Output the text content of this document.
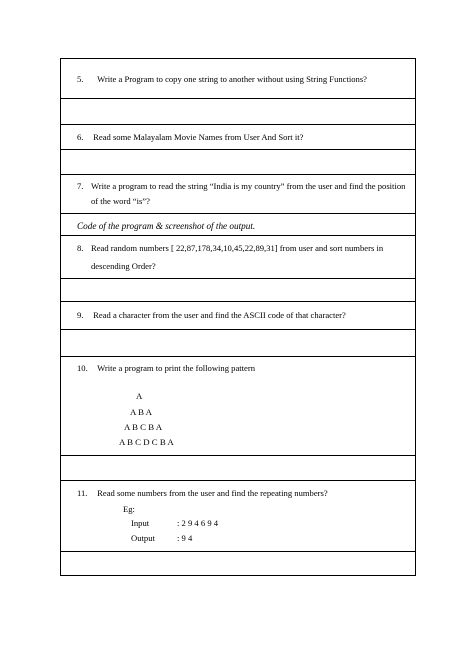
5. Write a Program to copy one string to another without using String Functions?
6. Read some Malayalam Movie Names from User And Sort it?
7. Write a program to read the string “India is my country” from the user and find the position
of the word “is”?
Code of the program & screenshot of the output.
8. Read random numbers [ 22,87,178,34,10,45,22,89,31] from user and sort numbers in
descending Order?
9. Read a character from the user and find the ASCII code of that character?
10. Write a program to print the following pattern
A
A B A
A B C B A
A B C D C B A
11. Read some numbers from the user and find the repeating numbers?
Eg:
Input	: 2 9 4 6 9 4
Output	: 9 4
